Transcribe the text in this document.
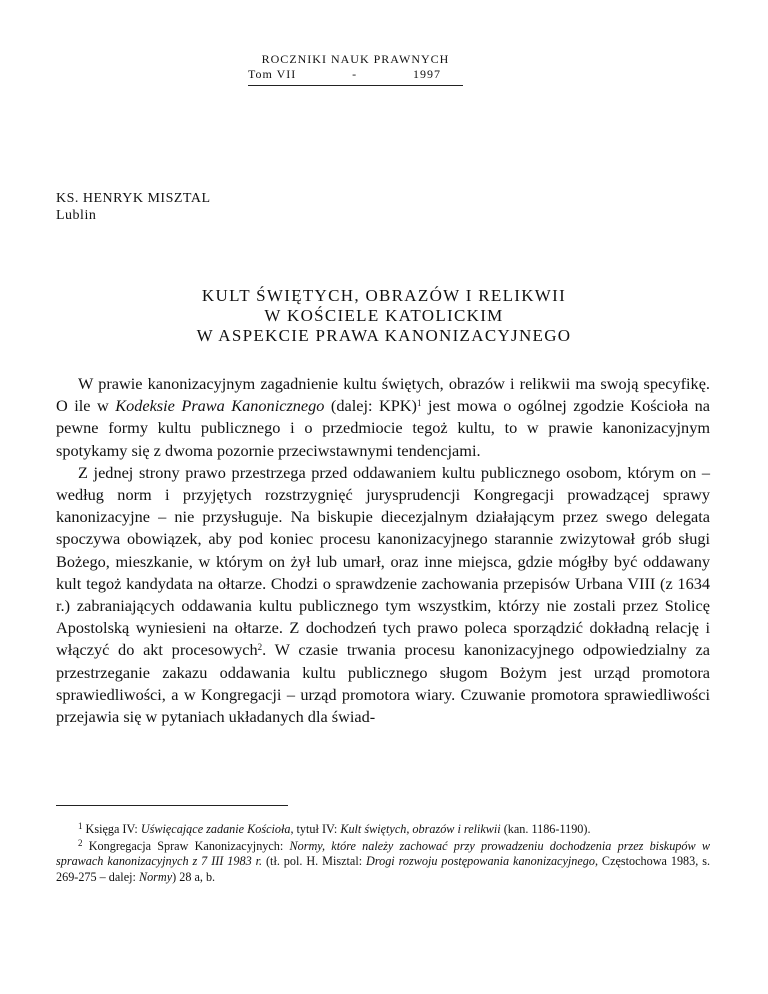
ROCZNIKI NAUK PRAWNYCH
Tom VII	-	1997
KS. HENRYK MISZTAL
Lublin
KULT ŚWIĘTYCH, OBRAZÓW I RELIKWII
W KOŚCIELE KATOLICKIM
W ASPEKCIE PRAWA KANONIZACYJNEGO

W prawie kanonizacyjnym zagadnienie kultu świętych, obrazów i relikwii ma swoją specyfikę. O ile w Kodeksie Prawa Kanonicznego (dalej: KPK)$^1$ jest mowa o ogólnej zgodzie Kościoła na pewne formy kultu publicznego i o przedmiocie tegoż kultu, to w prawie kanonizacyjnym spotykamy się z dwoma pozornie przeciwstawnymi tendencjami.

Z jednej strony prawo przestrzega przed oddawaniem kultu publicznego osobom, którym on – według norm i przyjętych rozstrzygnięć jurysprudencji Kongregacji prowadzącej sprawy kanonizacyjne – nie przysługuje. Na biskupie diecezjalnym działającym przez swego delegata spoczywa obowiązek, aby pod koniec procesu kanonizacyjnego starannie zwizytował grób sługi Bożego, mieszkanie, w którym on żył lub umarł, oraz inne miejsca, gdzie mógłby być oddawany kult tegoż kandydata na ołtarze. Chodzi o sprawdzenie zachowania przepisów Urbana VIII (z 1634 r.) zabraniających oddawania kultu publicznego tym wszystkim, którzy nie zostali przez Stolicę Apostolską wyniesieni na ołtarze. Z dochodzeń tych prawo poleca sporządzić dokładną relację i włączyć do akt procesowych$^2$. W czasie trwania procesu kanonizacyjnego odpowiedzialny za przestrzeganie zakazu oddawania kultu publicznego sługom Bożym jest urząd promotora sprawiedliwości, a w Kongregacji – urząd promotora wiary. Czuwanie promotora sprawiedliwości przejawia się w pytaniach układanych dla świad-

$^1$ Księga IV: Uświęcające zadanie Kościoła, tytuł IV: Kult świętych, obrazów i relikwii (kan. 1186-1190).

$^2$ Kongregacja Spraw Kanonizacyjnych: Normy, które należy zachować przy prowadzeniu dochodzenia przez biskupów w sprawach kanonizacyjnych z 7 III 1983 r. (tł. pol. H. Misztal: Drogi rozwoju postępowania kanonizacyjnego, Częstochowa 1983, s. 269-275 – dalej: Normy) 28 a, b.
